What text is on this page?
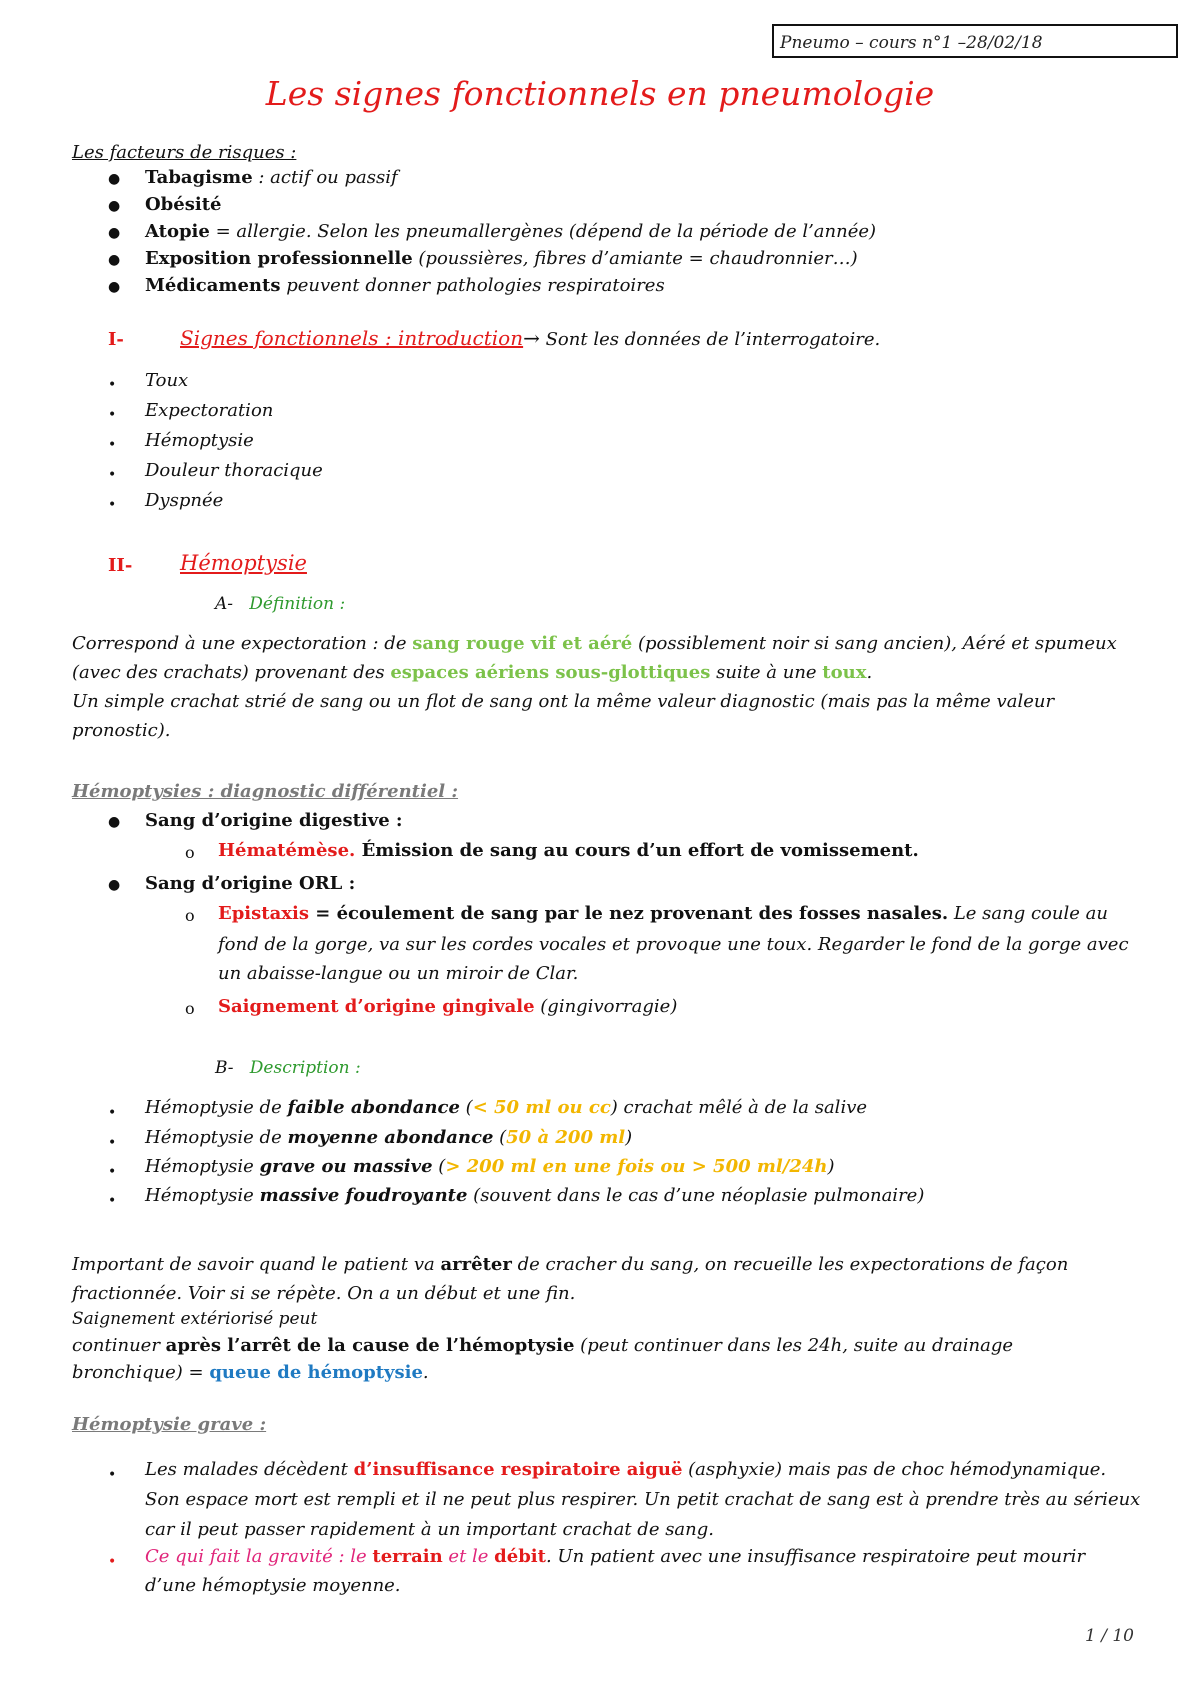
Pneumo – cours n°1 –28/02/18
Les signes fonctionnels en pneumologie
Les facteurs de risques :
● Tabagisme : actif ou passif
● Obésité
● Atopie = allergie. Selon les pneumallergènes (dépend de la période de l’année)
● Exposition professionnelle (poussières, fibres d’amiante = chaudronnier…)
● Médicaments peuvent donner pathologies respiratoires
I-	Signes fonctionnels : introduction→ Sont les données de l’interrogatoire.
• Toux
• Expectoration
• Hémoptysie
• Douleur thoracique
• Dyspnée
II- Hémoptysie
A- Définition :
Correspond à une expectoration : de sang rouge vif et aéré (possiblement noir si sang ancien), Aéré et spumeux
(avec des crachats) provenant des espaces aériens sous-glottiques suite à une toux.
Un simple crachat strié de sang ou un flot de sang ont la même valeur diagnostic (mais pas la même valeur
pronostic).
Hémoptysies : diagnostic différentiel :
● Sang d’origine digestive :
o Hématémèse. Émission de sang au cours d’un effort de vomissement.
● Sang d’origine ORL :
o Epistaxis = écoulement de sang par le nez provenant des fosses nasales. Le sang coule au
fond de la gorge, va sur les cordes vocales et provoque une toux. Regarder le fond de la gorge avec
un abaisse-langue ou un miroir de Clar.
o Saignement d’origine gingivale (gingivorragie)
B- Description :
• Hémoptysie de faible abondance (< 50 ml ou cc) crachat mêlé à de la salive
• Hémoptysie de moyenne abondance (50 à 200 ml)
• Hémoptysie grave ou massive (> 200 ml en une fois ou > 500 ml/24h)
• Hémoptysie massive foudroyante (souvent dans le cas d’une néoplasie pulmonaire)
Important de savoir quand le patient va arrêter de cracher du sang, on recueille les expectorations de façon
fractionnée. Voir si se répète. On a un début et une fin.
Saignement extériorisé peut
continuer après l’arrêt de la cause de l’hémoptysie (peut continuer dans les 24h, suite au drainage
bronchique) = queue de hémoptysie.
Hémoptysie grave :
• Les malades décèdent d’insuffisance respiratoire aiguë (asphyxie) mais pas de choc hémodynamique.
Son espace mort est rempli et il ne peut plus respirer. Un petit crachat de sang est à prendre très au sérieux
car il peut passer rapidement à un important crachat de sang.
• Ce qui fait la gravité : le terrain et le débit. Un patient avec une insuffisance respiratoire peut mourir
d’une hémoptysie moyenne.
1 / 10
